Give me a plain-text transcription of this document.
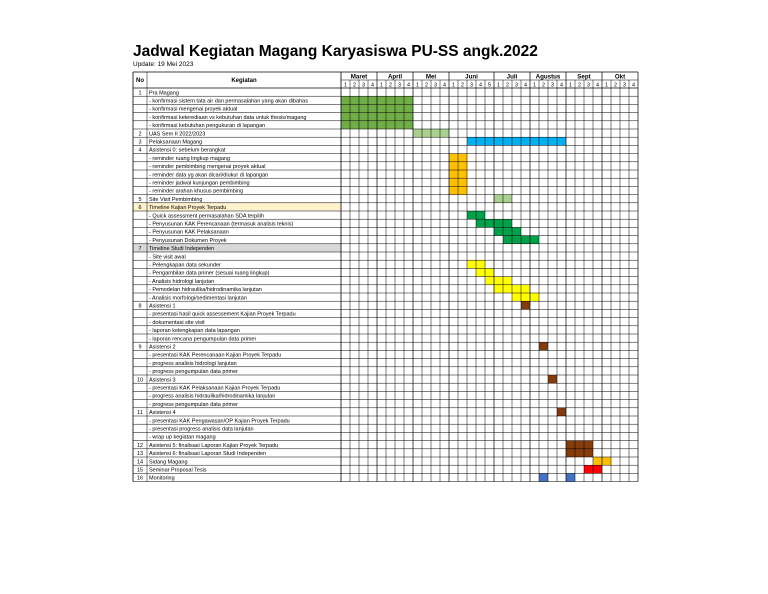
Jadwal Kegiatan Magang Karyasiswa PU-SS angk.2022
Update: 19 Mei 2023
No	Kegiatan
Maret
1 2 3 4
April
1 2 3 4
Mei
1 2 3 4
Juni
1 2 3 4 5
Juli
1 2 3 4
Agustus
1 2 3 4
Sept
1 2 3 4
Okt
1 2 3 4
1 Pra Magang
- konfirmasi sistem tata air dan permasalahan yang akan dibahas
- konfirmasi mengenai proyek aktual
- konfirmasi keterediaan vs kebutuhan data untuk thesis/magang
- konfirmasi kebutuhan pengukuran di lapangan
2 UAS Sem II 2022/2023
3 Pelaksanaan Magang
4 Asistensi 0: sebelum berangkat
- reminder ruang lingkup magang
- reminder pembimbing mengenai proyek aktual
- reminder data yg akan dicari/diukur di lapangan
- reminder jadwal kunjungan pembimbing
- reminder arahan khusus pembimbing
5 Site Visit Pembimbing
6 Timeline Kajian Proyek Terpadu
- Quick assessment permasalahan SDA terpilih
- Penyusunan KAK Perencanaan (termasuk analisis teknis)
- Penyusunan KAK Pelaksanaan
- Penyusunan Dokumen Proyek
7 Timeline Studi Independen
- Site visit awal
- Pelengkapan data sekunder
- Pengambilan data primer (sesuai ruang lingkup)
- Analisis hidrologi lanjutan
- Pemodelan hidraulika/hidrodinamika lanjutan
- Analisis morfologi/sedimentasi lanjutan
8 Asistensi 1
- presentasi hasil quick assessement Kajian Proyek Terpadu
- dokumentasi site visit
- laporan kelengkapan data lapangan
- laporan rencana pengumpulan data primer
9 Asistensi 2
- presentasi KAK Perencanaan Kajian Proyek Terpadu
- progress analisis hidrologi lanjutan
- progress pengumpulan data primer
10 Asistensi 3
- presentasi KAK Pelaksanaan Kajian Proyek Terpadu
- progress analisis hidraulika/hidrodinamika lanjutan
- progress pengumpulan data primer
11 Asistensi 4
- presentasi KAK Pengawasan/OP Kajian Proyek Terpadu
- presentasi progress analisis data lanjutan
- wrap up kegiatan magang
12 Asistensi 5: finalisasi Laporan Kajian Proyek Terpadu
13 Asistensi 6: finalisasi Laporan Studi Independen
14 Sidang Magang
15 Seminar Proposal Tesis
16 Monitoring
